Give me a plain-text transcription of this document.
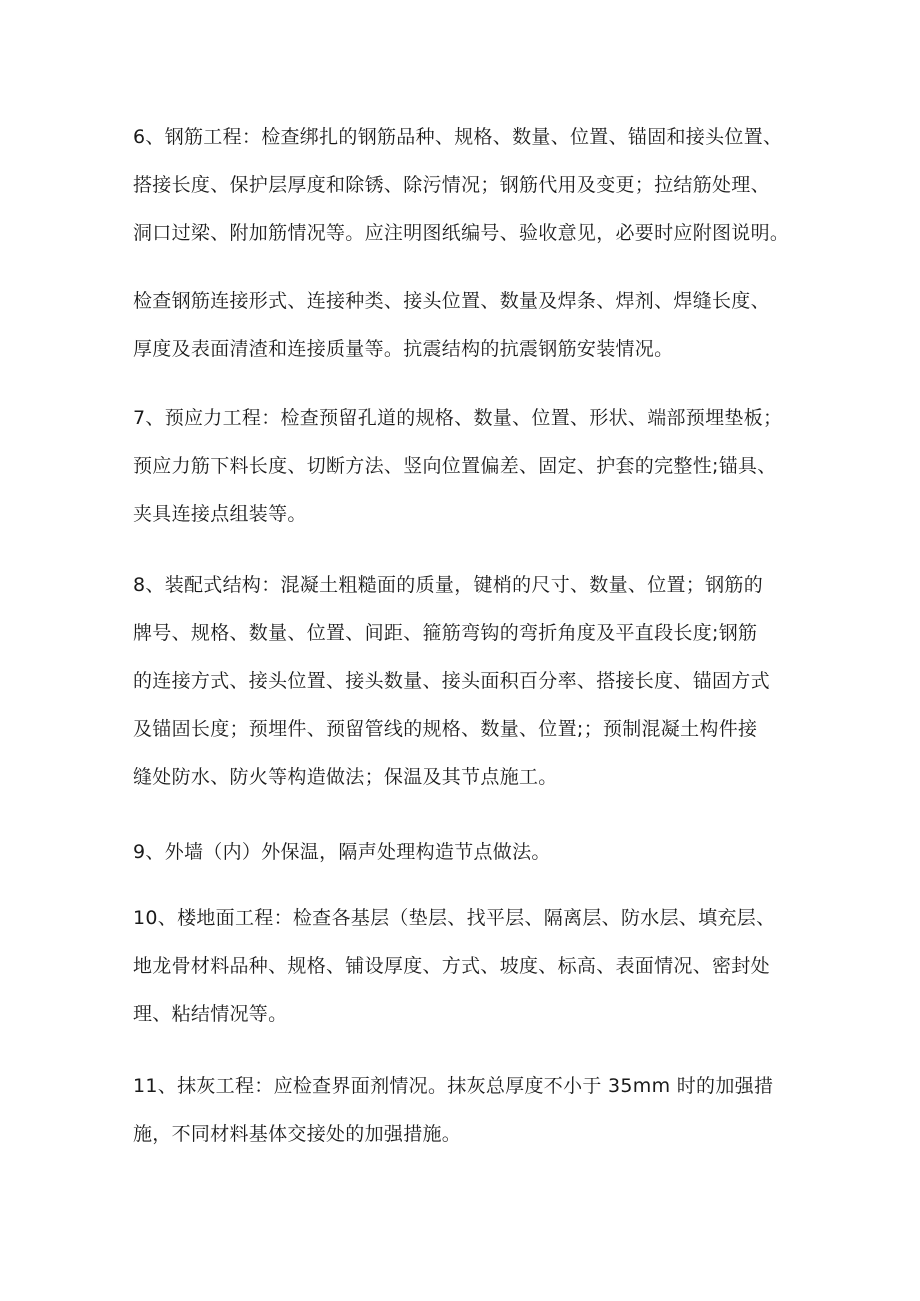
6、钢筋工程：检查绑扎的钢筋品种、规格、数量、位置、锚固和接头位置、
搭接长度、保护层厚度和除锈、除污情况；钢筋代用及变更；拉结筋处理、
洞口过梁、附加筋情况等。应注明图纸编号、验收意见，必要时应附图说明。

检查钢筋连接形式、连接种类、接头位置、数量及焊条、焊剂、焊缝长度、
厚度及表面清渣和连接质量等。抗震结构的抗震钢筋安装情况。

7、预应力工程：检查预留孔道的规格、数量、位置、形状、端部预埋垫板；
预应力筋下料长度、切断方法、竖向位置偏差、固定、护套的完整性;锚具、
夹具连接点组装等。

8、装配式结构：混凝土粗糙面的质量，键梢的尺寸、数量、位置；钢筋的
牌号、规格、数量、位置、间距、箍筋弯钩的弯折角度及平直段长度;钢筋
的连接方式、接头位置、接头数量、接头面积百分率、搭接长度、锚固方式
及锚固长度；预埋件、预留管线的规格、数量、位置;；预制混凝土构件接
缝处防水、防火等构造做法；保温及其节点施工。

9、外墙（内）外保温，隔声处理构造节点做法。

10、楼地面工程：检查各基层（垫层、找平层、隔离层、防水层、填充层、
地龙骨材料品种、规格、铺设厚度、方式、坡度、标高、表面情况、密封处
理、粘结情况等。

11、抹灰工程：应检查界面剂情况。抹灰总厚度不小于 35mm 时的加强措
施，不同材料基体交接处的加强措施。
